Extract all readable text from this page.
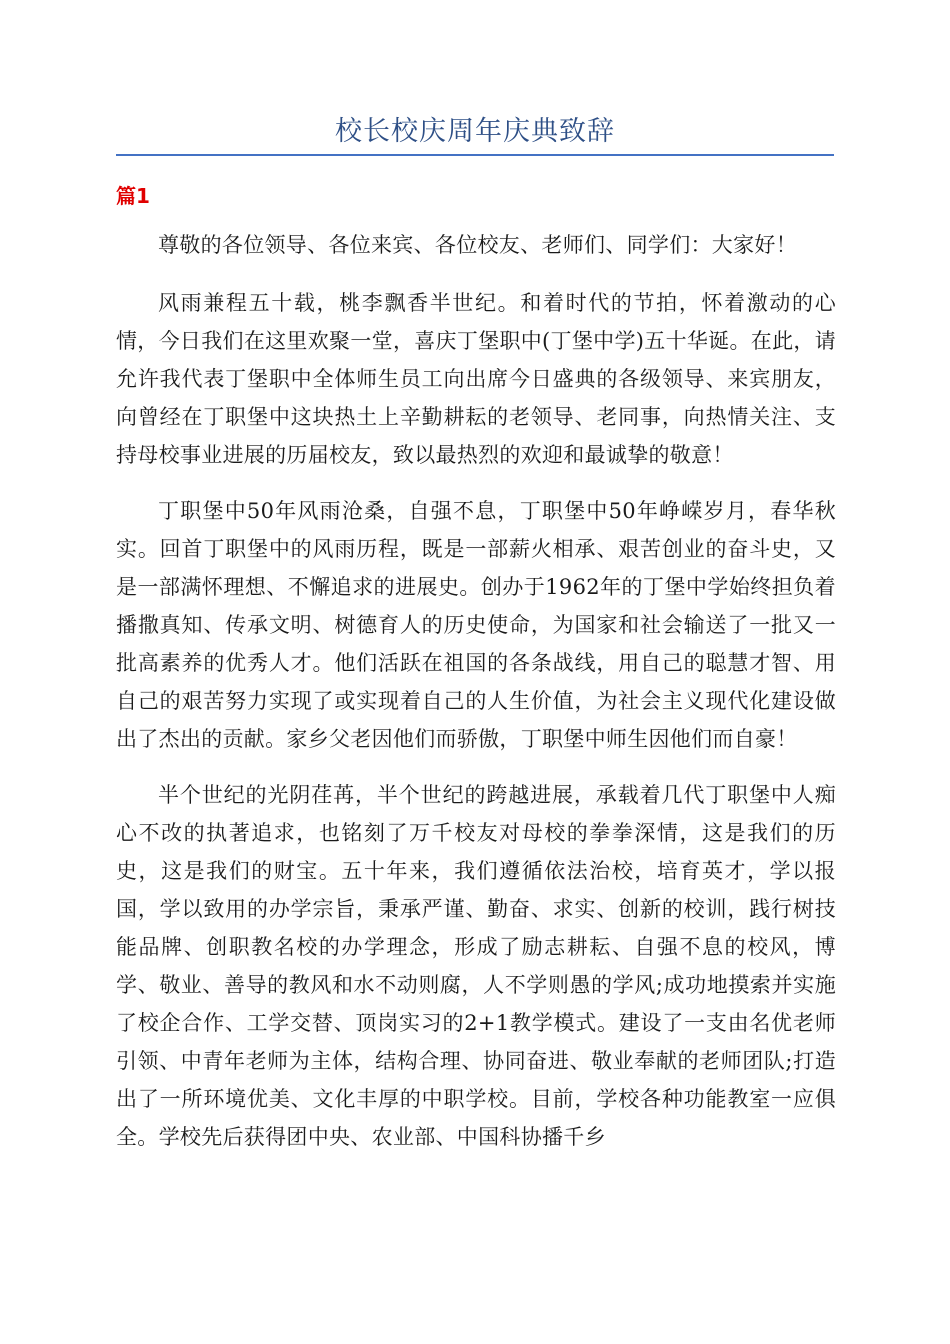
校长校庆周年庆典致辞
篇1

尊敬的各位领导、各位来宾、各位校友、老师们、同学们：大家好！

风雨兼程五十载，桃李飘香半世纪。和着时代的节拍，怀着激动的心情，今日我们在这里欢聚一堂，喜庆丁堡职中(丁堡中学)五十华诞。在此，请允许我代表丁堡职中全体师生员工向出席今日盛典的各级领导、来宾朋友，向曾经在丁职堡中这块热土上辛勤耕耘的老领导、老同事，向热情关注、支持母校事业进展的历届校友，致以最热烈的欢迎和最诚挚的敬意！

丁职堡中50年风雨沧桑，自强不息，丁职堡中50年峥嵘岁月，春华秋实。回首丁职堡中的风雨历程，既是一部薪火相承、艰苦创业的奋斗史，又是一部满怀理想、不懈追求的进展史。创办于1962年的丁堡中学始终担负着播撒真知、传承文明、树德育人的历史使命，为国家和社会输送了一批又一批高素养的优秀人才。他们活跃在祖国的各条战线，用自己的聪慧才智、用自己的艰苦努力实现了或实现着自己的人生价值，为社会主义现代化建设做出了杰出的贡献。家乡父老因他们而骄傲，丁职堡中师生因他们而自豪！

半个世纪的光阴荏苒，半个世纪的跨越进展，承载着几代丁职堡中人痴心不改的执著追求，也铭刻了万千校友对母校的拳拳深情，这是我们的历史，这是我们的财宝。五十年来，我们遵循依法治校，培育英才，学以报国，学以致用的办学宗旨，秉承严谨、勤奋、求实、创新的校训，践行树技能品牌、创职教名校的办学理念，形成了励志耕耘、自强不息的校风，博学、敬业、善导的教风和水不动则腐，人不学则愚的学风;成功地摸索并实施了校企合作、工学交替、顶岗实习的2+1教学模式。建设了一支由名优老师引领、中青年老师为主体，结构合理、协同奋进、敬业奉献的老师团队;打造出了一所环境优美、文化丰厚的中职学校。目前，学校各种功能教室一应俱全。学校先后获得团中央、农业部、中国科协播千乡
